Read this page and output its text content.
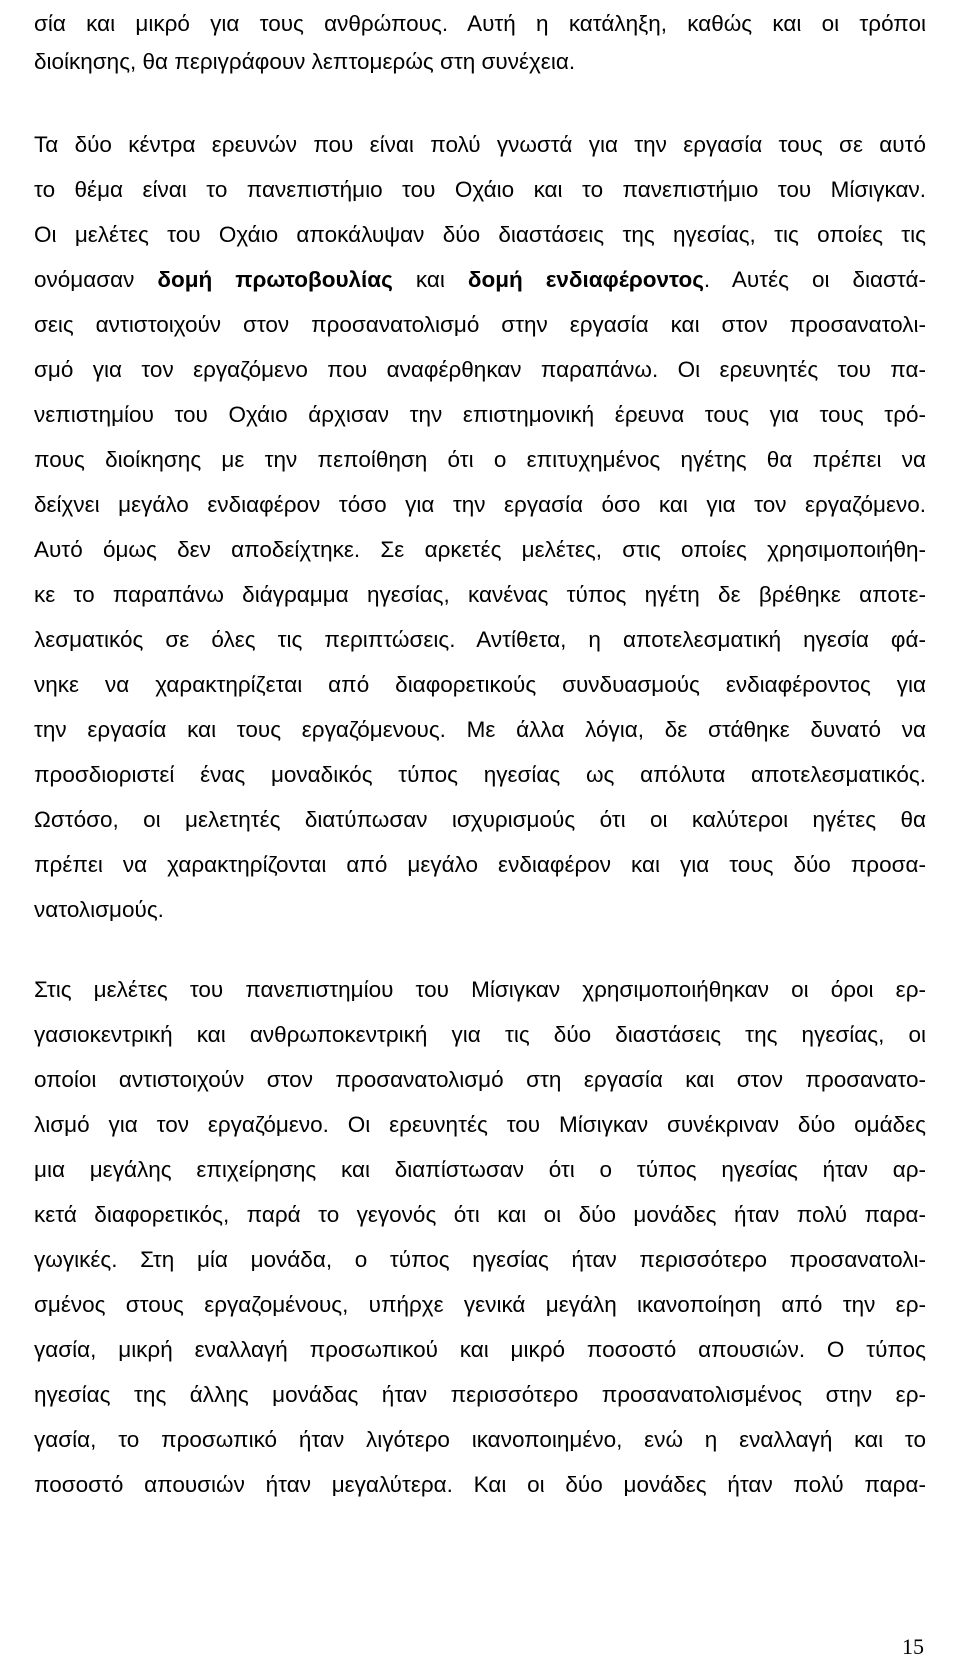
σία και μικρό για τους ανθρώπους. Αυτή η κατάληξη, καθώς και οι τρόποι
διοίκησης, θα περιγράφουν λεπτομερώς στη συνέχεια.
Τα δύο κέντρα ερευνών που είναι πολύ γνωστά για την εργασία τους σε αυτό
το θέμα είναι το πανεπιστήμιο του Οχάιο και το πανεπιστήμιο του Μίσιγκαν.
Οι μελέτες του Οχάιο αποκάλυψαν δύο διαστάσεις της ηγεσίας, τις οποίες τις
ονόμασαν δομή πρωτοβουλίας και δομή ενδιαφέροντος. Αυτές οι διαστά-
σεις αντιστοιχούν στον προσανατολισμό στην εργασία και στον προσανατολι-
σμό για τον εργαζόμενο που αναφέρθηκαν παραπάνω. Οι ερευνητές του πα-
νεπιστημίου του Οχάιο άρχισαν την επιστημονική έρευνα τους για τους τρό-
πους διοίκησης με την πεποίθηση ότι ο επιτυχημένος ηγέτης θα πρέπει να
δείχνει μεγάλο ενδιαφέρον τόσο για την εργασία όσο και για τον εργαζόμενο.
Αυτό όμως δεν αποδείχτηκε. Σε αρκετές μελέτες, στις οποίες χρησιμοποιήθη-
κε το παραπάνω διάγραμμα ηγεσίας, κανένας τύπος ηγέτη δε βρέθηκε αποτε-
λεσματικός σε όλες τις περιπτώσεις. Αντίθετα, η αποτελεσματική ηγεσία φά-
νηκε να χαρακτηρίζεται από διαφορετικούς συνδυασμούς ενδιαφέροντος για
την εργασία και τους εργαζόμενους. Με άλλα λόγια, δε στάθηκε δυνατό να
προσδιοριστεί ένας μοναδικός τύπος ηγεσίας ως απόλυτα αποτελεσματικός.
Ωστόσο, οι μελετητές διατύπωσαν ισχυρισμούς ότι οι καλύτεροι ηγέτες θα
πρέπει να χαρακτηρίζονται από μεγάλο ενδιαφέρον και για τους δύο προσα-
νατολισμούς.
Στις μελέτες του πανεπιστημίου του Μίσιγκαν χρησιμοποιήθηκαν οι όροι ερ-
γασιοκεντρική και ανθρωποκεντρική για τις δύο διαστάσεις της ηγεσίας, οι
οποίοι αντιστοιχούν στον προσανατολισμό στη εργασία και στον προσανατο-
λισμό για τον εργαζόμενο. Οι ερευνητές του Μίσιγκαν συνέκριναν δύο ομάδες
μια μεγάλης επιχείρησης και διαπίστωσαν ότι ο τύπος ηγεσίας ήταν αρ-
κετά διαφορετικός, παρά το γεγονός ότι και οι δύο μονάδες ήταν πολύ παρα-
γωγικές. Στη μία μονάδα, ο τύπος ηγεσίας ήταν περισσότερο προσανατολι-
σμένος στους εργαζομένους, υπήρχε γενικά μεγάλη ικανοποίηση από την ερ-
γασία, μικρή εναλλαγή προσωπικού και μικρό ποσοστό απουσιών. Ο τύπος
ηγεσίας της άλλης μονάδας ήταν περισσότερο προσανατολισμένος στην ερ-
γασία, το προσωπικό ήταν λιγότερο ικανοποιημένο, ενώ η εναλλαγή και το
ποσοστό απουσιών ήταν μεγαλύτερα. Και οι δύο μονάδες ήταν πολύ παρα-
15
